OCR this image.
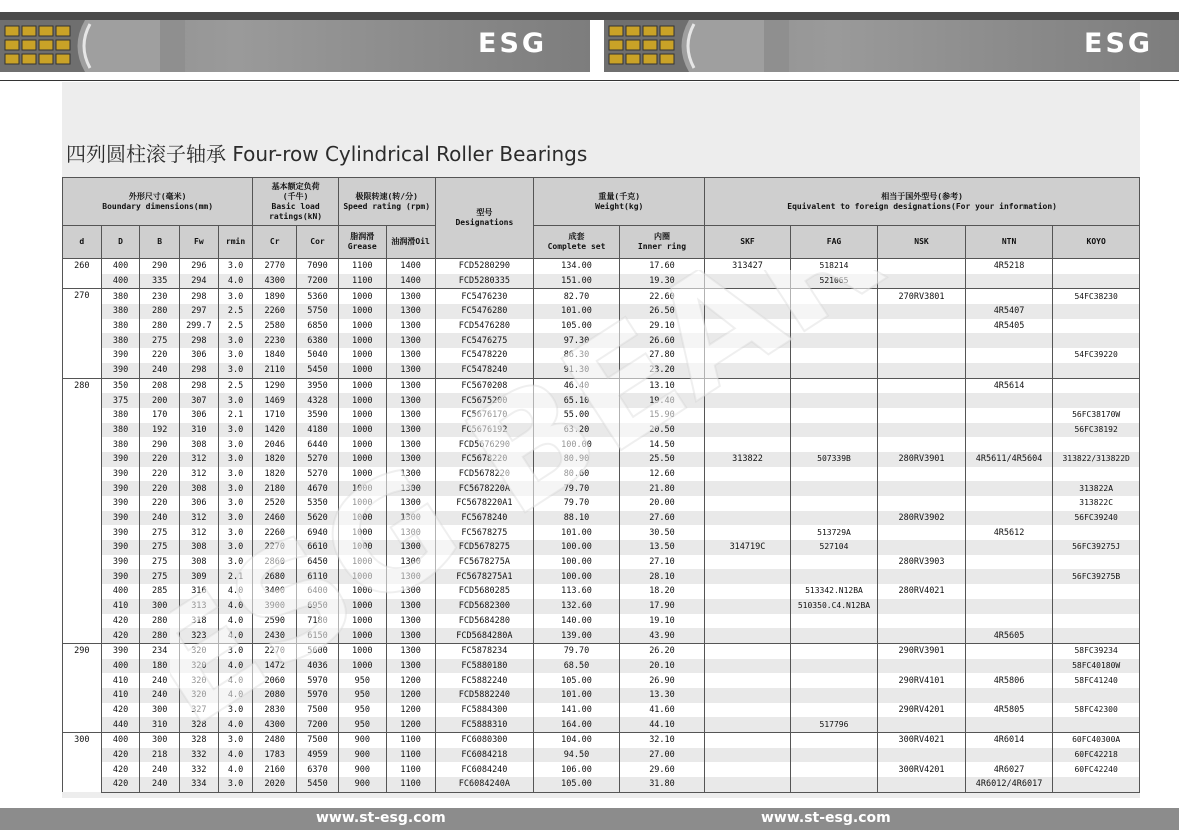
ESG	ESG
四列圆柱滚子轴承 Four-row Cylindrical Roller Bearings
外形尺寸(毫米)
Boundary dimensions(mm)					基本额定负荷
(千牛)
Basic load ratings(kN)		极限转速(转/分)
Speed rating (rpm)		型号
Designations	重量(千克)
Weight(kg)		相当于国外型号(参考)
Equivalent to foreign designations(For your information)				
d	D	B	Fw	rmin	Cr	Cor	脂润滑
Grease	油润滑Oil		成套
Complete set	内圈
Inner ring	SKF	FAG	NSK	NTN	KOYO
260	400	290	296	3.0	2770	7090	1100	1400	FCD5280290	134.00	17.60	313427	518214		4R5218	
	400	335	294	4.0	4300	7200	1100	1400	FCD5280335	151.00	19.30		521065			
270	380	230	298	3.0	1890	5360	1000	1300	FC5476230	82.70	22.60			270RV3801		54FC38230
	380	280	297	2.5	2260	5750	1000	1300	FC5476280	101.00	26.50				4R5407	
	380	280	299.7	2.5	2580	6850	1000	1300	FCD5476280	105.00	29.10				4R5405	
	380	275	298	3.0	2230	6380	1000	1300	FC5476275	97.30	26.60					
	390	220	306	3.0	1840	5040	1000	1300	FC5478220	86.30	27.80					54FC39220
	390	240	298	3.0	2110	5450	1000	1300	FC5478240	91.30	23.20					
280	350	208	298	2.5	1290	3950	1000	1300	FC5670208	46.40	13.10				4R5614	
	375	200	307	3.0	1469	4328	1000	1300	FC5675200	65.10	19.40					
	380	170	306	2.1	1710	3590	1000	1300	FC5676170	55.00	15.90					56FC38170W
	380	192	310	3.0	1420	4180	1000	1300	FC5676192	63.20	20.50					56FC38192
	380	290	308	3.0	2046	6440	1000	1300	FCD5676290	100.00	14.50					
	390	220	312	3.0	1820	5270	1000	1300	FC5678220	80.90	25.50	313822	507339B	280RV3901	4R5611/4R5604	313822/313822D
	390	220	312	3.0	1820	5270	1000	1300	FCD5678220	80.60	12.60					
	390	220	308	3.0	2180	4670	1000	1300	FC5678220A	79.70	21.80					313822A
	390	220	306	3.0	2520	5350	1000	1300	FC5678220A1	79.70	20.00					313822C
	390	240	312	3.0	2460	5620	1000	1300	FC5678240	88.10	27.60			280RV3902		56FC39240
	390	275	312	3.0	2260	6940	1000	1300	FC5678275	101.00	30.50		513729A		4R5612	
	390	275	308	3.0	2270	6610	1000	1300	FCD5678275	100.00	13.50	314719C	527104			56FC39275J
	390	275	308	3.0	2860	6450	1000	1300	FC5678275A	100.00	27.10			280RV3903		
	390	275	309	2.1	2680	6110	1000	1300	FC5678275A1	100.00	28.10					56FC39275B
	400	285	316	4.0	3400	6400	1000	1300	FCD5680285	113.60	18.20		513342.N12BA	280RV4021		
	410	300	313	4.0	3900	6950	1000	1300	FCD5682300	132.60	17.90		510350.C4.N12BA			
	420	280	318	4.0	2590	7180	1000	1300	FCD5684280	140.00	19.10					
	420	280	323	4.0	2430	6150	1000	1300	FCD5684280A	139.00	43.90				4R5605	
290	390	234	320	3.0	2270	5600	1000	1300	FC5878234	79.70	26.20			290RV3901		58FC39234
	400	180	320	4.0	1472	4036	1000	1300	FC5880180	68.50	20.10					58FC40180W
	410	240	320	4.0	2060	5970	950	1200	FC5882240	105.00	26.90			290RV4101	4R5806	58FC41240
	410	240	320	4.0	2080	5970	950	1200	FCD5882240	101.00	13.30					
	420	300	327	3.0	2830	7500	950	1200	FC5884300	141.00	41.60			290RV4201	4R5805	58FC42300
	440	310	328	4.0	4300	7200	950	1200	FC5888310	164.00	44.10		517796			
300	400	300	328	3.0	2480	7500	900	1100	FC6080300	104.00	32.10			300RV4021	4R6014	60FC40300A
	420	218	332	4.0	1783	4959	900	1100	FC6084218	94.50	27.00					60FC42218
	420	240	332	4.0	2160	6370	900	1100	FC6084240	106.00	29.60			300RV4201	4R6027	60FC42240
	420	240	334	3.0	2020	5450	900	1100	FC6084240A	105.00	31.80				4R6012/4R6017	
ESG
www.st-esg.com	www.st-esg.com
